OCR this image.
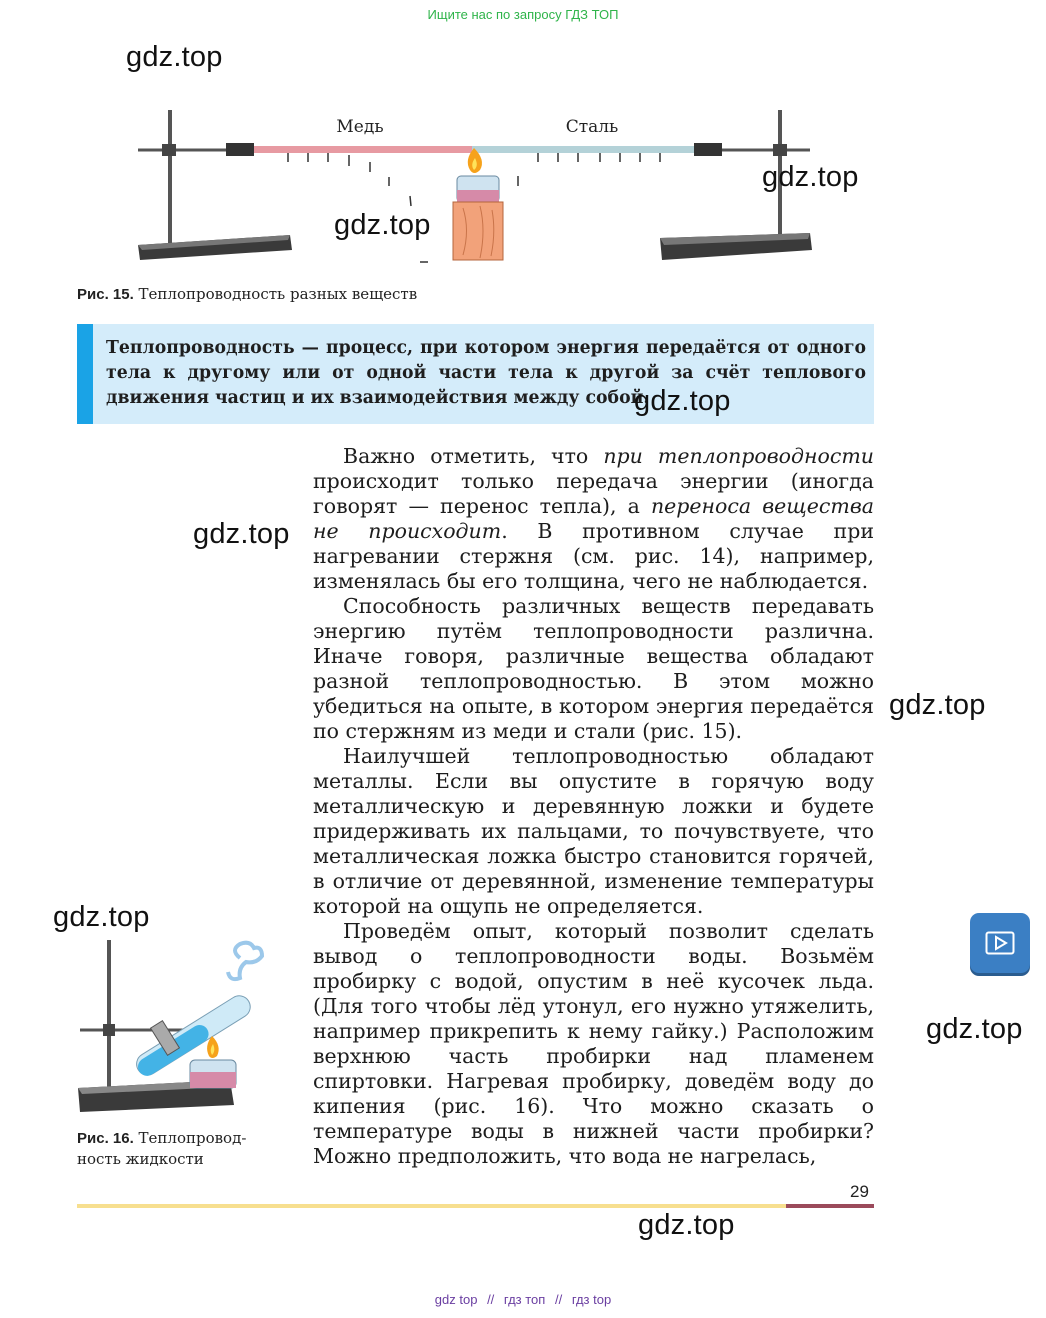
Ищите нас по запросу ГДЗ ТОП
Медь	Сталь
gdz.top
gdz.top
gdz.top
Рис. 15. Теплопроводность разных веществ
Теплопроводность — процесс, при котором энергия передаётся от одного тела к другому или от одной части тела к другой за счёт теплового движения частиц и их взаимодействия между собой.
gdz.top

Важно отметить, что при теплопроводности происходит только передача энергии (иногда говорят — перенос тепла), а переноса вещества не происходит. В противном случае при нагревании стержня (см. рис. 14), например, изменялась бы его толщина, чего не наблюдается.

Способность различных веществ передавать энергию путём теплопроводности различна. Иначе говоря, различные вещества обладают разной теплопроводностью. В этом можно убедиться на опыте, в котором энергия передаётся по стержням из меди и стали (рис. 15).

Наилучшей теплопроводностью обладают металлы. Если вы опустите в горячую воду металлическую и деревянную ложки и будете придерживать их пальцами, то почувствуете, что металлическая ложка быстро становится горячей, в отличие от деревянной, изменение температуры которой на ощупь не определяется.

Проведём опыт, который позволит сделать вывод о теплопроводности воды. Возьмём пробирку с водой, опустим в неё кусочек льда. (Для того чтобы лёд утонул, его нужно утяжелить, например прикрепить к нему гайку.) Расположим верхнюю часть пробирки над пламенем спиртовки. Нагревая пробирку, доведём воду до кипения (рис. 16). Что можно сказать о температуре воды в нижней части пробирки? Можно предположить, что вода не нагрелась,

gdz.top
gdz.top
gdz.top
gdz.top
gdz.top
Рис. 16. Теплопровод-
ность жидкости
29
gdz top // гдз топ // гдз top
